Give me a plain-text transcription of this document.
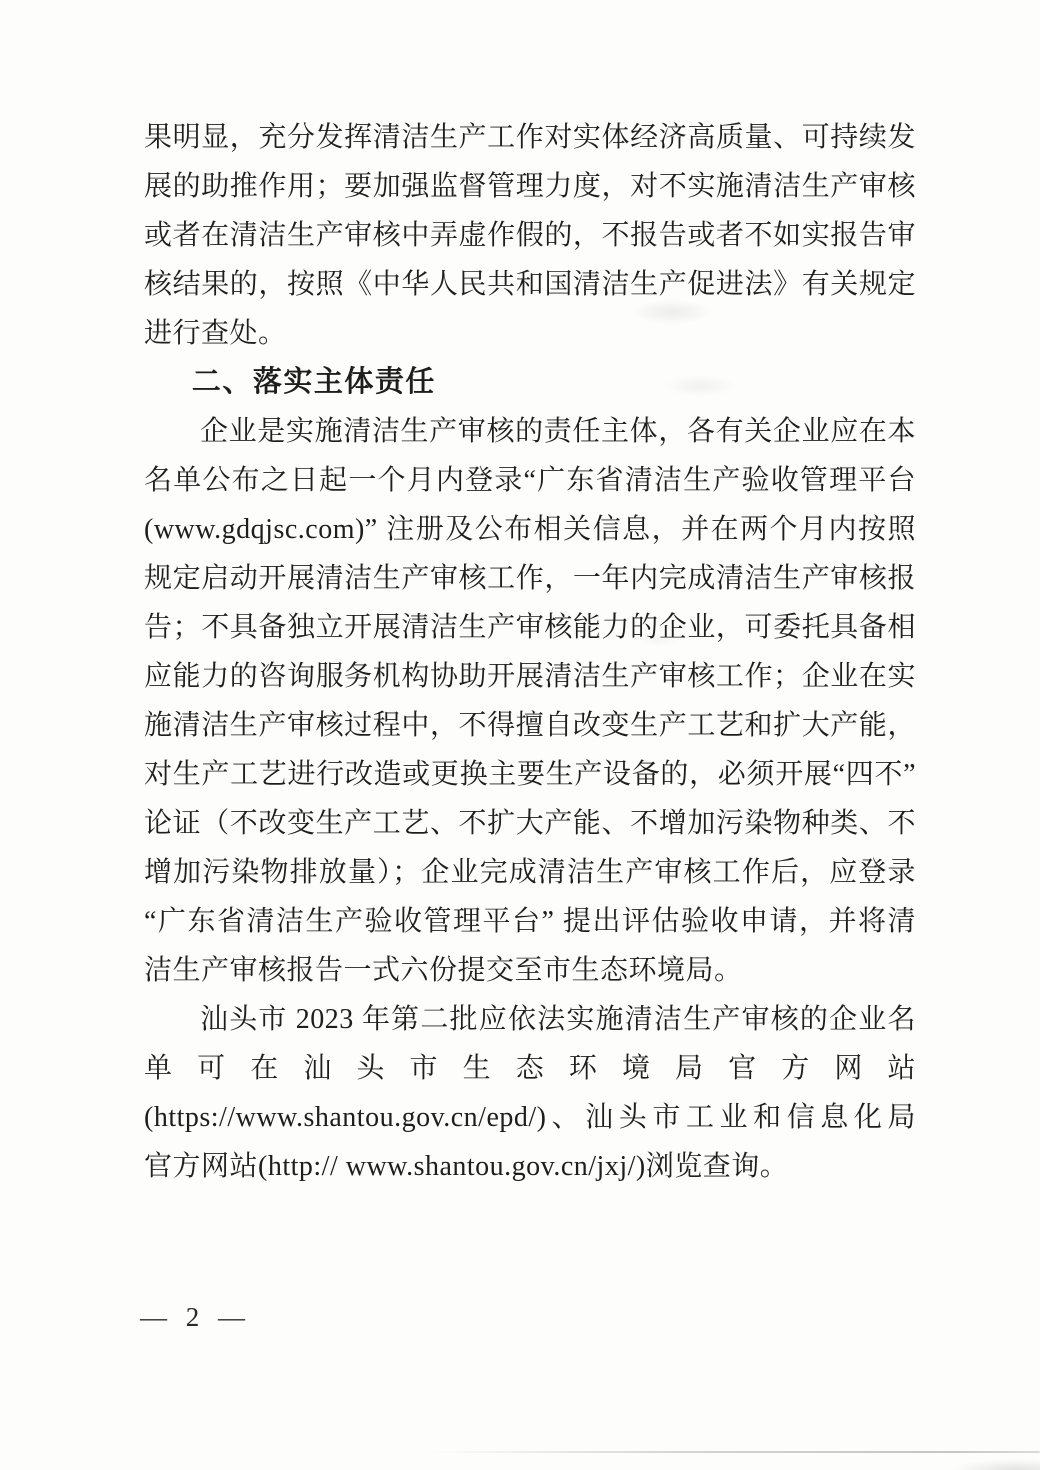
果明显，充分发挥清洁生产工作对实体经济高质量、可持续发
展的助推作用；要加强监督管理力度，对不实施清洁生产审核
或者在清洁生产审核中弄虚作假的，不报告或者不如实报告审
核结果的，按照《中华人民共和国清洁生产促进法》有关规定
进行查处。
二、落实主体责任
企业是实施清洁生产审核的责任主体，各有关企业应在本
名单公布之日起一个月内登录“广东省清洁生产验收管理平台
(www.gdqjsc.com)” 注册及公布相关信息，并在两个月内按照
规定启动开展清洁生产审核工作，一年内完成清洁生产审核报
告；不具备独立开展清洁生产审核能力的企业，可委托具备相
应能力的咨询服务机构协助开展清洁生产审核工作；企业在实
施清洁生产审核过程中，不得擅自改变生产工艺和扩大产能，
对生产工艺进行改造或更换主要生产设备的，必须开展“四不”
论证（不改变生产工艺、不扩大产能、不增加污染物种类、不
增加污染物排放量）；企业完成清洁生产审核工作后，应登录
“广东省清洁生产验收管理平台” 提出评估验收申请，并将清
洁生产审核报告一式六份提交至市生态环境局。
汕头市 2023 年第二批应依法实施清洁生产审核的企业名
单可在汕头市生态环境局官方网站
(https://www.shantou.gov.cn/epd/)、汕头市工业和信息化局
官方网站(http:// www.shantou.gov.cn/jxj/)浏览查询。
— 2 —
